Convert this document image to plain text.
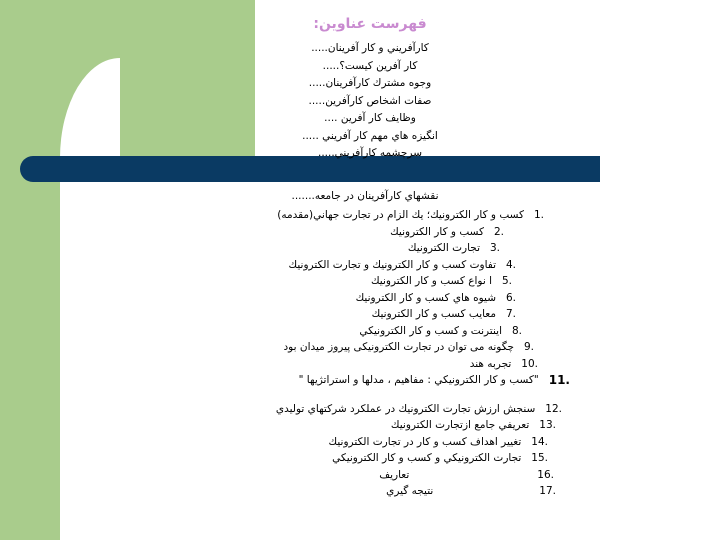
فهرست عناوين:
كارآفريني و كار آفرينان.....
كار آفرين كيست؟.....
وجوه مشترك كارآفرينان.....
صفات اشخاص كارآفرين.....
وظايف كار آفرين ....
انگيزه هاي مهم كار آفريني .....
سرچشمه كارآفريني.....
نقشهاي كارآفرينان در جامعه.......
1.
كسب و كار الكترونيك؛ يك الزام در تجارت جهاني(مقدمه)
2.
كسب و كار الكترونيك
3.
تجارت الكترونيك
4.
تفاوت كسب و كار الكترونيك و تجارت الكترونيك
5.
ا نواع كسب و كار الكترونيك
6.
شيوه هاي كسب و كار الكترونيك
7.
معايب كسب و كار الكترونيك
8.
اينترنت و كسب و كار الكترونيكي
9.
چگونه می توان در تجارت الكترونيكی پيروز ميدان بود
10.
تجربه هند
11.
"كسب و كار الكترونيكي : مفاهيم ، مدلها و استراتژيها "
12.
سنجش ارزش تجارت الكترونيك در عملكرد شركتهاي توليدي
13.
تعريفي جامع ازتجارت الكترونيك
14.
تغيير اهداف كسب و كار در تجارت الكترونيك
15.
تجارت الكترونيكي و كسب و كار الكترونيكي
16.
تعاريف
17.
نتيجه گيري
